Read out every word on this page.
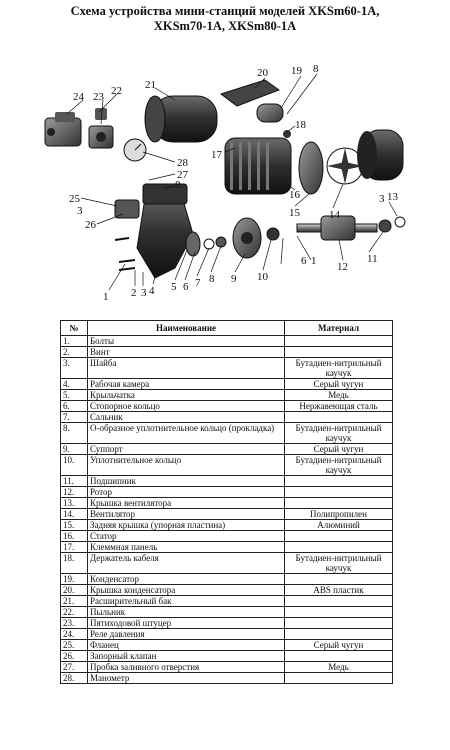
Схема устройства мини-станций моделей XKSm60-1A,
XKSm70-1A, XKSm80-1A
1 2 3 4 5 6 7 8 9 10
11
12
13
14
15
16
17
18
19
20
21
22
23
24
25
26
27
28
8
8
3
6 1
3
№	Наименование	Материал
1.	Болты	
2.	Винт	
3.	Шайба	Бутадиен-нитрильный каучук
4.	Рабочая камера	Серый чугун
5.	Крыльчатка	Медь
6.	Стопорное кольцо	Нержавеющая сталь
7.	Сальник	
8.	О-образное уплотнительное кольцо (прокладка)	Бутадиен-нитрильный каучук
9.	Суппорт	Серый чугун
10.	Уплотнительное кольцо	Бутадиен-нитрильный каучук
11.	Подшипник	
12.	Ротор	
13.	Крышка вентилятора	
14.	Вентилятор	Полипропилен
15.	Задняя крышка (упорная пластина)	Алюминий
16.	Статор	
17.	Клеммная панель	
18.	Держатель кабеля	Бутадиен-нитрильный каучук
19.	Конденсатор	
20.	Крышка конденсатора	ABS пластик
21.	Расширительный бак	
22.	Пыльник	
23.	Пятиходовой штуцер	
24.	Реле давления	
25.	Фланец	Серый чугун
26.	Запорный клапан	
27.	Пробка заливного отверстия	Медь
28.	Манометр	
